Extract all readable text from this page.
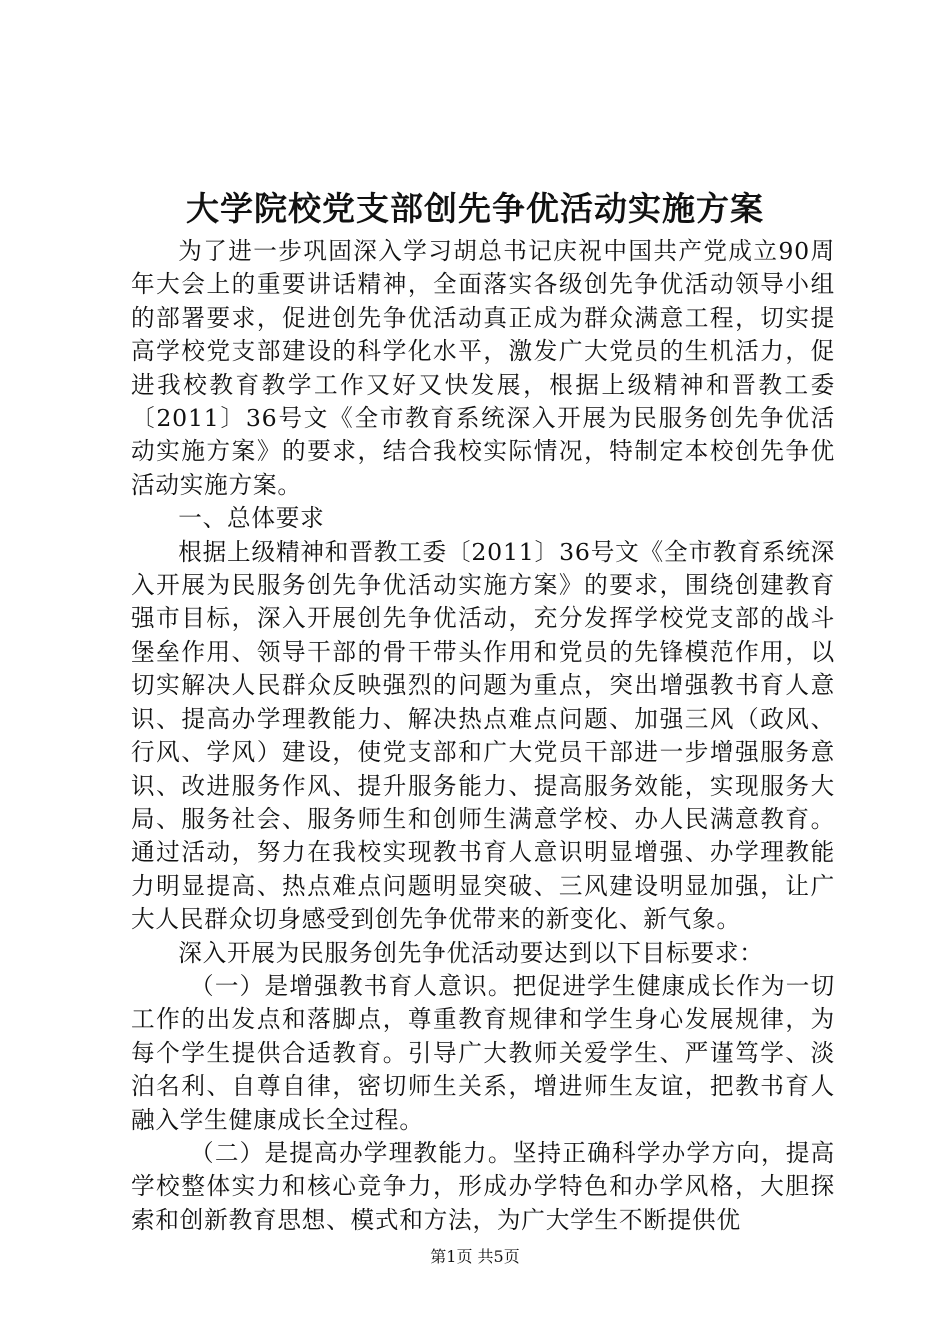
大学院校党支部创先争优活动实施方案

为了进一步巩固深入学习胡总书记庆祝中国共产党成立90周年大会上的重要讲话精神，全面落实各级创先争优活动领导小组的部署要求，促进创先争优活动真正成为群众满意工程，切实提高学校党支部建设的科学化水平，激发广大党员的生机活力，促进我校教育教学工作又好又快发展，根据上级精神和晋教工委〔2011〕36号文《全市教育系统深入开展为民服务创先争优活动实施方案》的要求，结合我校实际情况，特制定本校创先争优活动实施方案。

一、总体要求

根据上级精神和晋教工委〔2011〕36号文《全市教育系统深入开展为民服务创先争优活动实施方案》的要求，围绕创建教育强市目标，深入开展创先争优活动，充分发挥学校党支部的战斗堡垒作用、领导干部的骨干带头作用和党员的先锋模范作用，以切实解决人民群众反映强烈的问题为重点，突出增强教书育人意识、提高办学理教能力、解决热点难点问题、加强三风（政风、行风、学风）建设，使党支部和广大党员干部进一步增强服务意识、改进服务作风、提升服务能力、提高服务效能，实现服务大局、服务社会、服务师生和创师生满意学校、办人民满意教育。通过活动，努力在我校实现教书育人意识明显增强、办学理教能力明显提高、热点难点问题明显突破、三风建设明显加强，让广大人民群众切身感受到创先争优带来的新变化、新气象。

深入开展为民服务创先争优活动要达到以下目标要求：

（一）是增强教书育人意识。把促进学生健康成长作为一切工作的出发点和落脚点，尊重教育规律和学生身心发展规律，为每个学生提供合适教育。引导广大教师关爱学生、严谨笃学、淡泊名利、自尊自律，密切师生关系，增进师生友谊，把教书育人融入学生健康成长全过程。

（二）是提高办学理教能力。坚持正确科学办学方向，提高学校整体实力和核心竞争力，形成办学特色和办学风格，大胆探索和创新教育思想、模式和方法，为广大学生不断提供优

第1页 共5页
